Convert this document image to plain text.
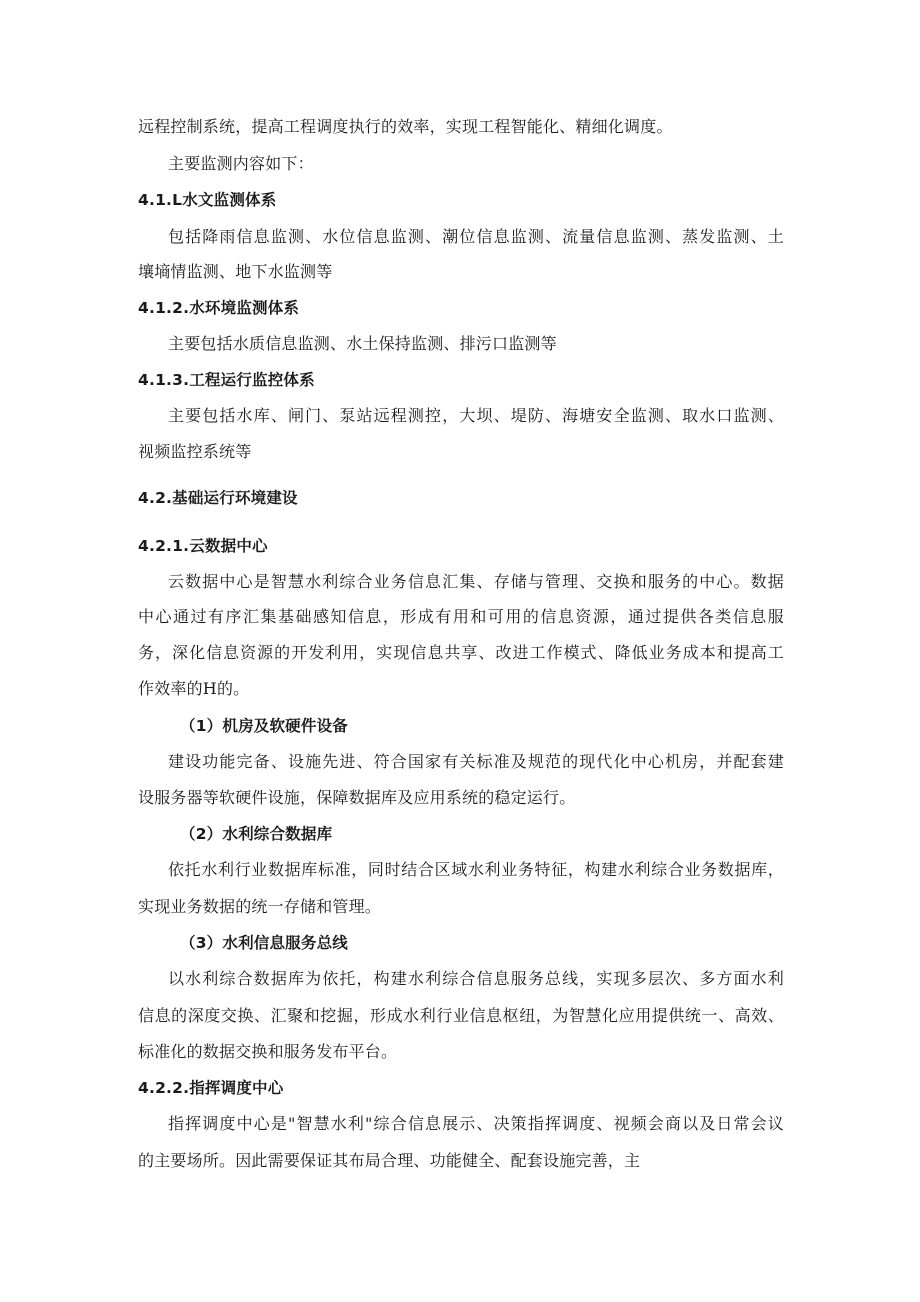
远程控制系统，提高工程调度执行的效率，实现工程智能化、精细化调度。
主要监测内容如下：
4.1.L水文监测体系
包括降雨信息监测、水位信息监测、潮位信息监测、流量信息监测、蒸发监测、土
壤墒情监测、地下水监测等
4.1.2.水环境监测体系
主要包括水质信息监测、水土保持监测、排污口监测等
4.1.3.工程运行监控体系
主要包括水库、闸门、泵站远程测控，大坝、堤防、海塘安全监测、取水口监测、
视频监控系统等
4.2.基础运行环境建设
4.2.1.云数据中心
云数据中心是智慧水利综合业务信息汇集、存储与管理、交换和服务的中心。数据
中心通过有序汇集基础感知信息，形成有用和可用的信息资源，通过提供各类信息服
务，深化信息资源的开发利用，实现信息共享、改进工作模式、降低业务成本和提高工
作效率的H的。
（1）机房及软硬件设备
建设功能完备、设施先进、符合国家有关标准及规范的现代化中心机房，并配套建
设服务器等软硬件设施，保障数据库及应用系统的稳定运行。
（2）水利综合数据库
依托水利行业数据库标准，同时结合区域水利业务特征，构建水利综合业务数据库，
实现业务数据的统一存储和管理。
（3）水利信息服务总线
以水利综合数据库为依托，构建水利综合信息服务总线，实现多层次、多方面水利
信息的深度交换、汇聚和挖掘，形成水利行业信息枢纽，为智慧化应用提供统一、高效、
标准化的数据交换和服务发布平台。
4.2.2.指挥调度中心
指挥调度中心是"智慧水利"综合信息展示、决策指挥调度、视频会商以及日常会议
的主要场所。因此需要保证其布局合理、功能健全、配套设施完善，主
